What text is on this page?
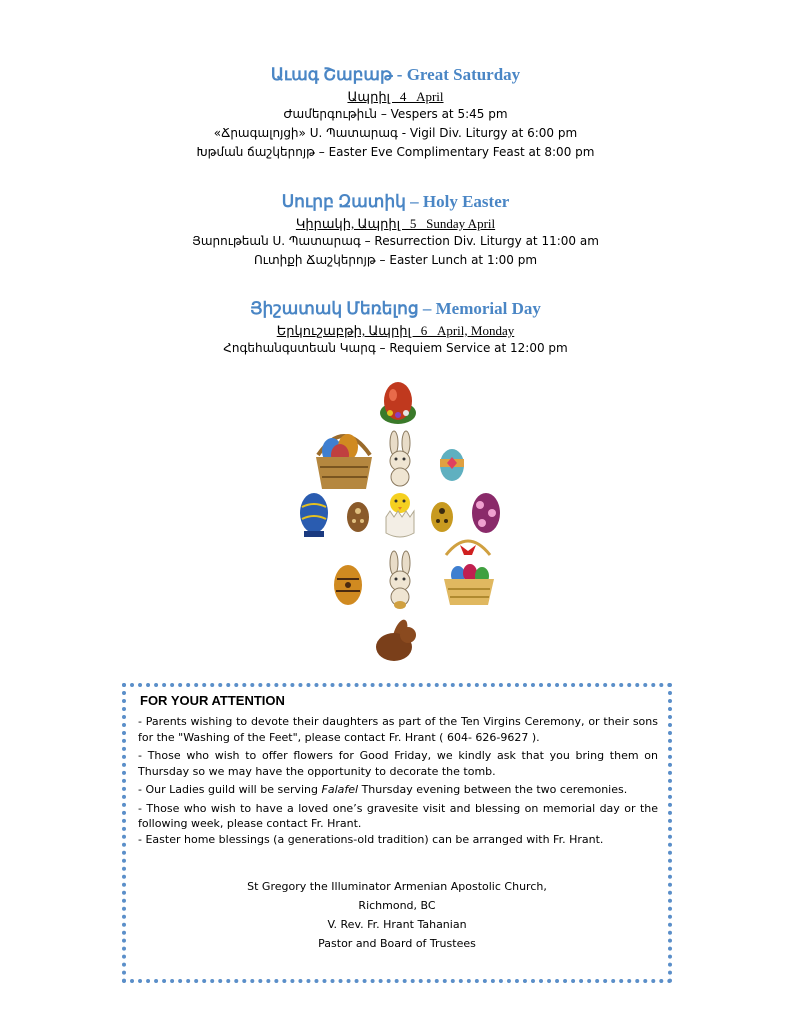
Աւագ Շաբաթ - Great Saturday
Ապրիլ   4   April
Ժամերգութիւն – Vespers at 5:45 pm
«Ճրագալոյցի» Ս. Պատարագ - Vigil Div. Liturgy at 6:00 pm
Խթման ճաշկերոյթ – Easter Eve Complimentary Feast at 8:00 pm
Սուրբ Զատիկ – Holy Easter
Կիրակի, Ապրիլ   5   Sunday April
Յարութեան Ս. Պատարագ – Resurrection Div. Liturgy at 11:00 am
Ուտիքի Ճաշկերոյթ – Easter Lunch at 1:00 pm
Յիշատակ Մեռելոց – Memorial Day
Երկուշաբթի, Ապրիլ   6   April, Monday
Հոգեհանգստեան Կարգ – Requiem Service at 12:00 pm
FOR YOUR ATTENTION

- Parents wishing to devote their daughters as part of the Ten Virgins Ceremony, or their sons for the "Washing of the Feet", please contact Fr. Hrant ( 604- 626-9627 ).

- Those who wish to offer flowers for Good Friday, we kindly ask that you bring them on Thursday so we may have the opportunity to decorate the tomb.

- Our Ladies guild will be serving Falafel Thursday evening between the two ceremonies.

- Those who wish to have a loved one’s gravesite visit and blessing on memorial day or the following week, please contact Fr. Hrant.

- Easter home blessings (a generations-old tradition) can be arranged with Fr. Hrant.

St Gregory the Illuminator Armenian Apostolic Church,
Richmond, BC
V. Rev. Fr. Hrant Tahanian
Pastor and Board of Trustees
